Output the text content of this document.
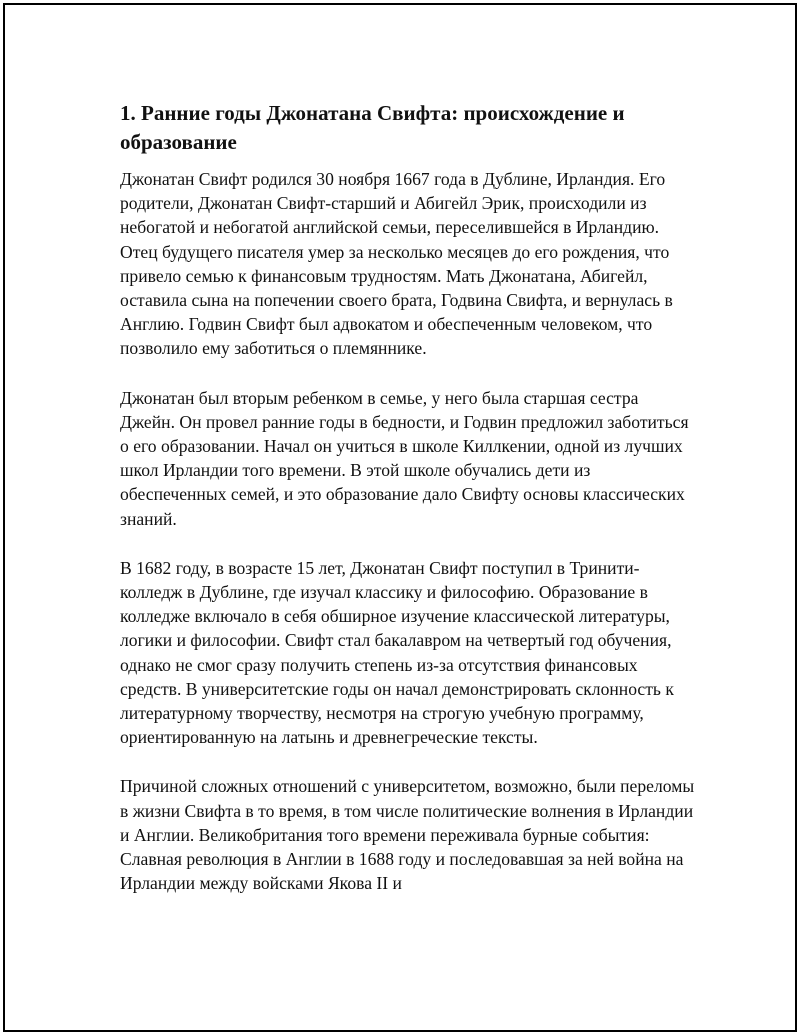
1. Ранние годы Джонатана Свифта: происхождение и образование

Джонатан Свифт родился 30 ноября 1667 года в Дублине, Ирландия. Его родители, Джонатан Свифт-старший и Абигейл Эрик, происходили из небогатой и небогатой английской семьи, переселившейся в Ирландию. Отец будущего писателя умер за несколько месяцев до его рождения, что привело семью к финансовым трудностям. Мать Джонатана, Абигейл, оставила сына на попечении своего брата, Годвина Свифта, и вернулась в Англию. Годвин Свифт был адвокатом и обеспеченным человеком, что позволило ему заботиться о племяннике.

Джонатан был вторым ребенком в семье, у него была старшая сестра Джейн. Он провел ранние годы в бедности, и Годвин предложил заботиться о его образовании. Начал он учиться в школе Киллкении, одной из лучших школ Ирландии того времени. В этой школе обучались дети из обеспеченных семей, и это образование дало Свифту основы классических знаний.

В 1682 году, в возрасте 15 лет, Джонатан Свифт поступил в Тринити-колледж в Дублине, где изучал классику и философию. Образование в колледже включало в себя обширное изучение классической литературы, логики и философии. Свифт стал бакалавром на четвертый год обучения, однако не смог сразу получить степень из-за отсутствия финансовых средств. В университетские годы он начал демонстрировать склонность к литературному творчеству, несмотря на строгую учебную программу, ориентированную на латынь и древнегреческие тексты.

Причиной сложных отношений с университетом, возможно, были переломы в жизни Свифта в то время, в том числе политические волнения в Ирландии и Англии. Великобритания того времени переживала бурные события: Славная революция в Англии в 1688 году и последовавшая за ней война на Ирландии между войсками Якова II и
